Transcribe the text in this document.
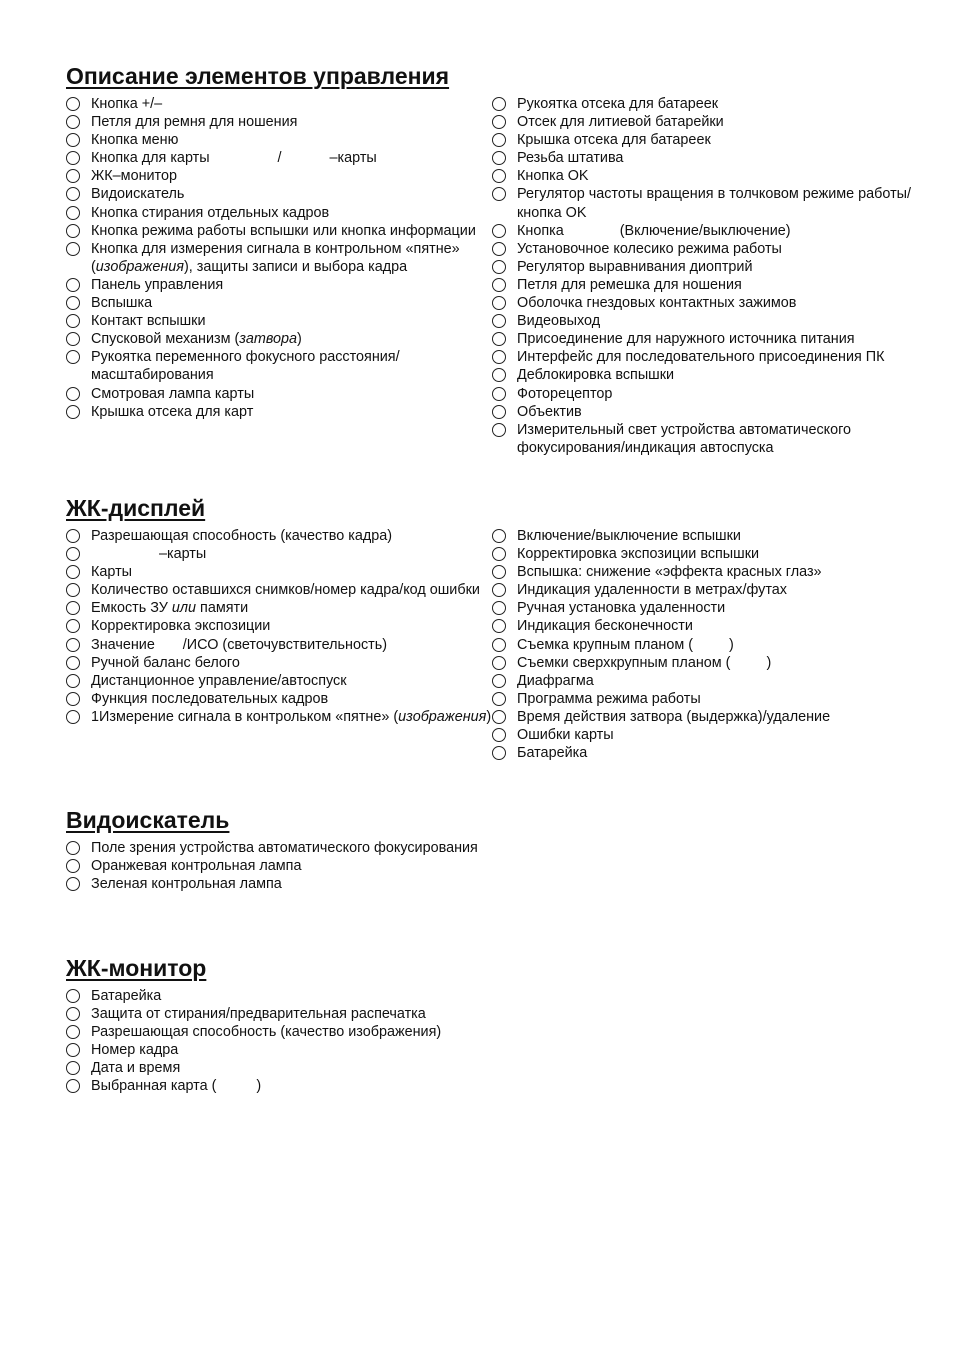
Описание элементов управления
Кнопка +/–
Петля для ремня для ношения
Кнопка меню
Кнопка для карты                 /            –карты
ЖК–монитор
Видоискатель
Кнопка стирания отдельных кадров
Кнопка режима работы вспышки или кнопка информации
Кнопка для измерения сигнала в контрольном «пятне» (изображения), защиты записи и выбора кадра
Панель управления
Вспышка
Контакт вспышки
Спусковой механизм (затвора)
Рукоятка переменного фокусного расстояния/масштабирования
Смотровая лампа карты
Крышка отсека для карт
Рукоятка отсека для батареек
Отсек для литиевой батарейки
Крышка отсека для батареек
Резьба штатива
Кнопка OK
Регулятор частоты вращения в толчковом режиме работы/кнопка OK
Кнопка              (Включение/выключение)
Установочное колесико режима работы
Регулятор выравнивания диоптрий
Петля для ремешка для ношения
Оболочка гнездовых контактных зажимов
Видеовыход
Присоединение для наружного источника питания
Интерфейс для последовательного присоединения ПК
Деблокировка вспышки
Фоторецептор
Объектив
Измерительный свет устройства автоматического фокусирования/индикация автоспуска
ЖК-дисплей
Разрешающая способность (качество кадра)
–карты
Карты
Количество оставшихся снимков/номер кадра/код ошибки
Емкость ЗУ или памяти
Корректировка экспозиции
Значение       /ИСО (светочувствительность)
Ручной баланс белого
Дистанционное управление/автоспуск
Функция последовательных кадров
1Измерение сигнала в контрольком «пятне» (изображения)
Включение/выключение вспышки
Корректировка экспозиции вспышки
Вспышка: снижение «эффекта красных глаз»
Индикация удаленности в метрах/футах
Ручная установка удаленности
Индикация бесконечности
Съемка крупным планом (         )
Съемки сверхкрупным планом (         )
Диафрагма
Программа режима работы
Время действия затвора (выдержка)/удаление
Ошибки карты
Батарейка
Видоискатель
Поле зрения устройства автоматического фокусирования
Оранжевая контрольная лампа
Зеленая контрольная лампа
ЖК-монитор
Батарейка
Защита от стирания/предварительная распечатка
Разрешающая способность (качество изображения)
Номер кадра
Дата и время
Выбранная карта (          )
